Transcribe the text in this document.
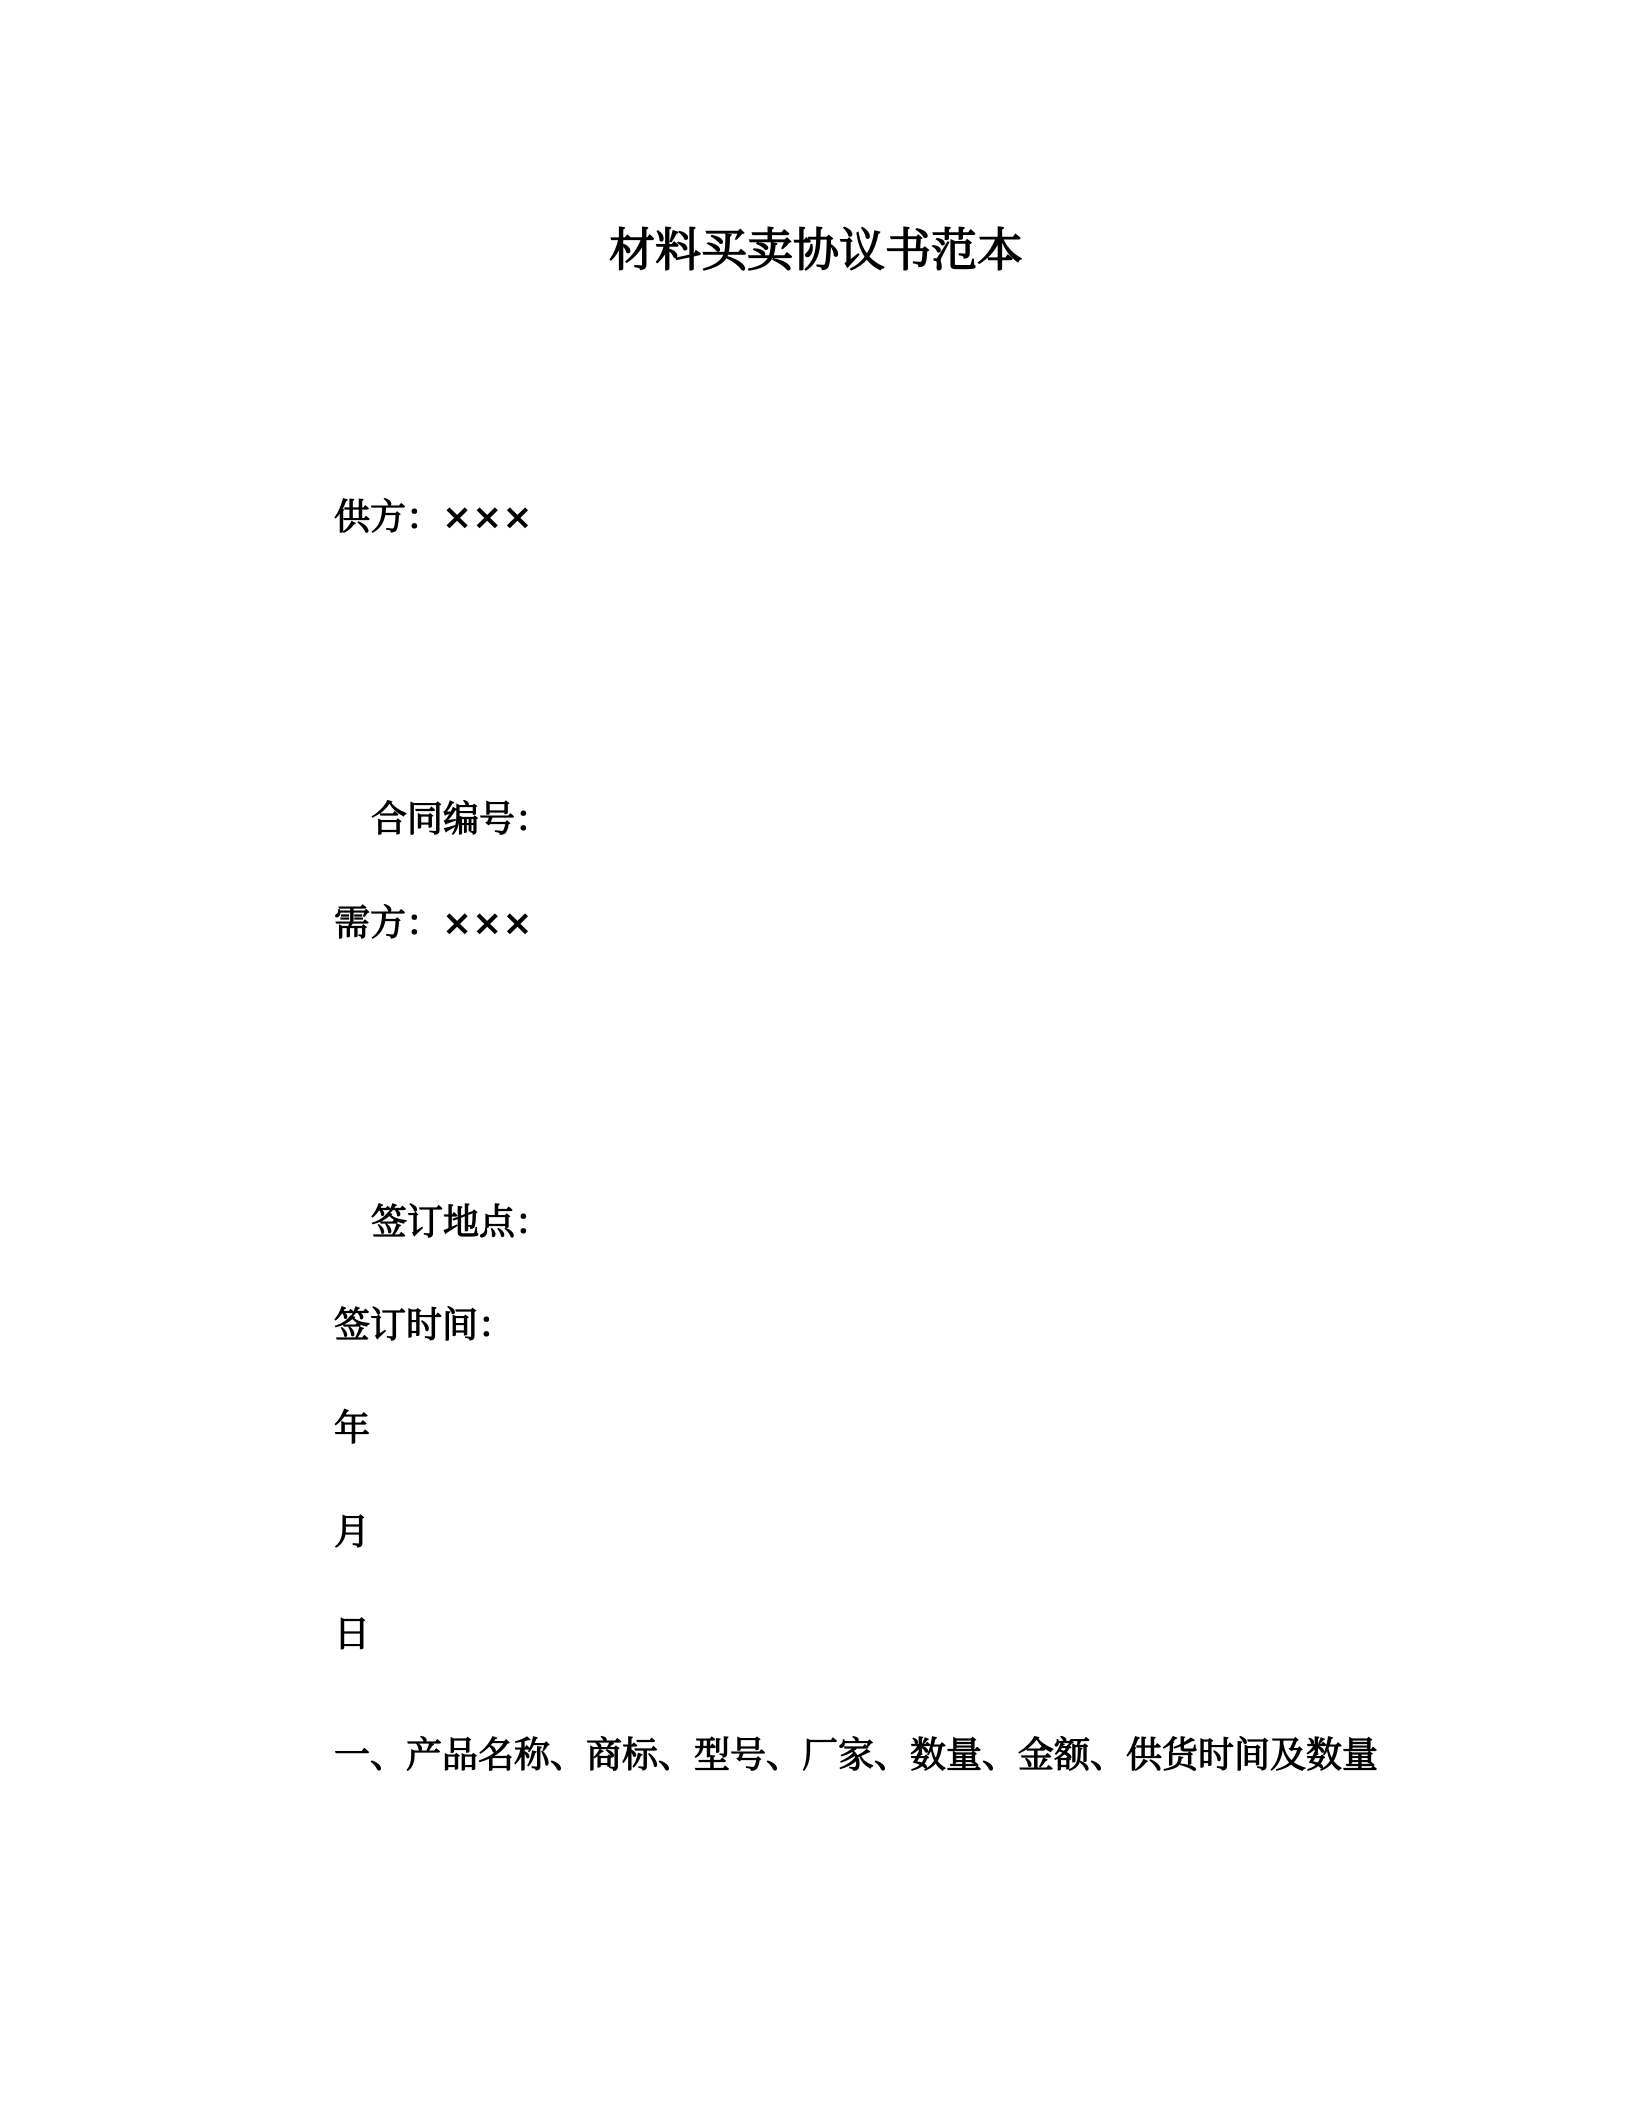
材料买卖协议书范本

供方：×××

合同编号：

需方：×××

签订地点：

签订时间：

年

月

日

一、产品名称、商标、型号、厂家、数量、金额、供货时间及数量
